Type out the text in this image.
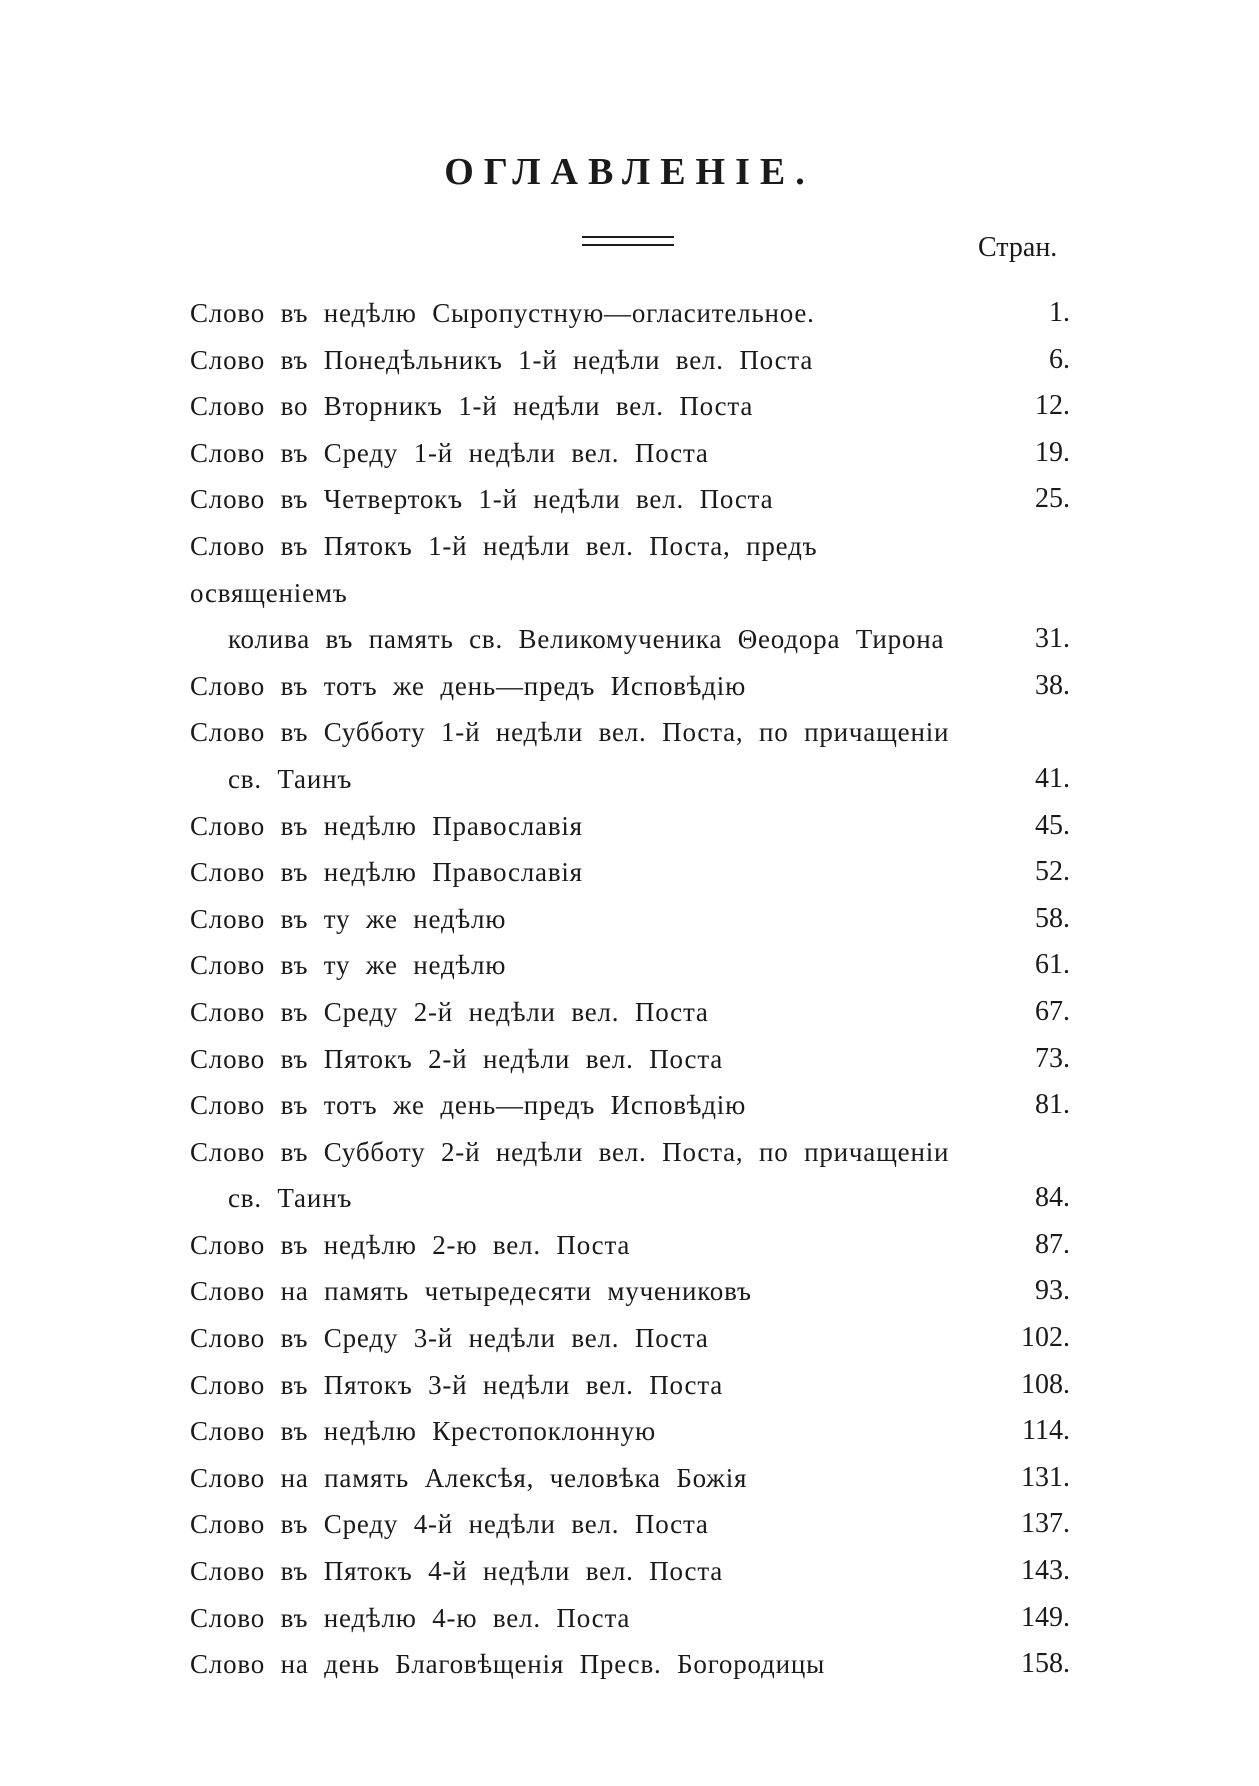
ОГЛАВЛЕНІЕ.
Стран.
Слово въ недѣлю Сыропустную—огласительное.	1.
Слово въ Понедѣльникъ 1-й недѣли вел. Поста	6.
Слово во Вторникъ 1-й недѣли вел. Поста	12.
Слово въ Среду 1-й недѣли вел. Поста	19.
Слово въ Четвертокъ 1-й недѣли вел. Поста	25.
Слово въ Пятокъ 1-й недѣли вел. Поста, предъ освященіемъ
колива въ память св. Великомученика Θеодора Тирона	31.
Слово въ тотъ же день—предъ Исповѣдію	38.
Слово въ Субботу 1-й недѣли вел. Поста, по причащеніи
св. Таинъ	41.
Слово въ недѣлю Православія	45.
Слово въ недѣлю Православія	52.
Слово въ ту же недѣлю	58.
Слово въ ту же недѣлю	61.
Слово въ Среду 2-й недѣли вел. Поста	67.
Слово въ Пятокъ 2-й недѣли вел. Поста	73.
Слово въ тотъ же день—предъ Исповѣдію	81.
Слово въ Субботу 2-й недѣли вел. Поста, по причащеніи
св. Таинъ	84.
Слово въ недѣлю 2-ю вел. Поста	87.
Слово на память четыредесяти мучениковъ	93.
Слово въ Среду 3-й недѣли вел. Поста	102.
Слово въ Пятокъ 3-й недѣли вел. Поста	108.
Слово въ недѣлю Крестопоклонную	114.
Слово на память Алексѣя, человѣка Божія	131.
Слово въ Среду 4-й недѣли вел. Поста	137.
Слово въ Пятокъ 4-й недѣли вел. Поста	143.
Слово въ недѣлю 4-ю вел. Поста	149.
Слово на день Благовѣщенія Пресв. Богородицы	158.
